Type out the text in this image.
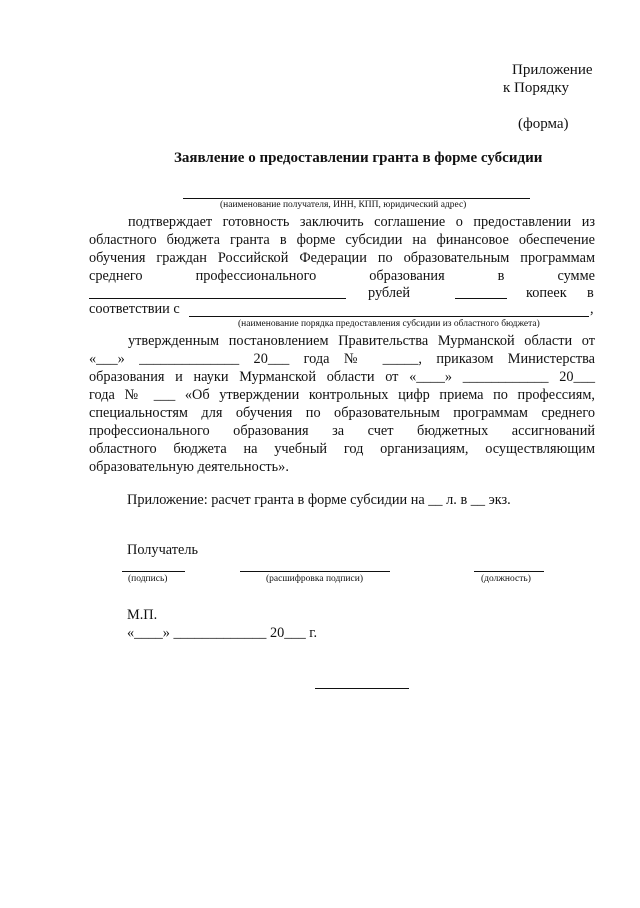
Приложение
к Порядку
(форма)
Заявление о предоставлении гранта в форме субсидии
(наименование получателя, ИНН, КПП, юридический адрес)
подтверждает готовность заключить соглашение о предоставлении из
областного бюджета гранта в форме субсидии на финансовое обеспечение
обучения граждан Российской Федерации по образовательным программам
среднего профессионального образования в сумме
рублей	копеек в
соответствии с	,
(наименование порядка предоставления субсидии из областного бюджета)
утвержденным постановлением Правительства Мурманской области от
«___» ______________ 20___ года № _____, приказом Министерства
образования и науки Мурманской области от «____» ____________ 20___
года № ___ «Об утверждении контрольных цифр приема по профессиям,
специальностям для обучения по образовательным программам среднего
профессионального образования за счет бюджетных ассигнований
областного бюджета на учебный год организациям, осуществляющим
образовательную деятельность».
Приложение: расчет гранта в форме субсидии на __ л. в __ экз.
Получатель
(подпись)	(расшифровка подписи)	(должность)
М.П.
«____» _____________ 20___ г.
